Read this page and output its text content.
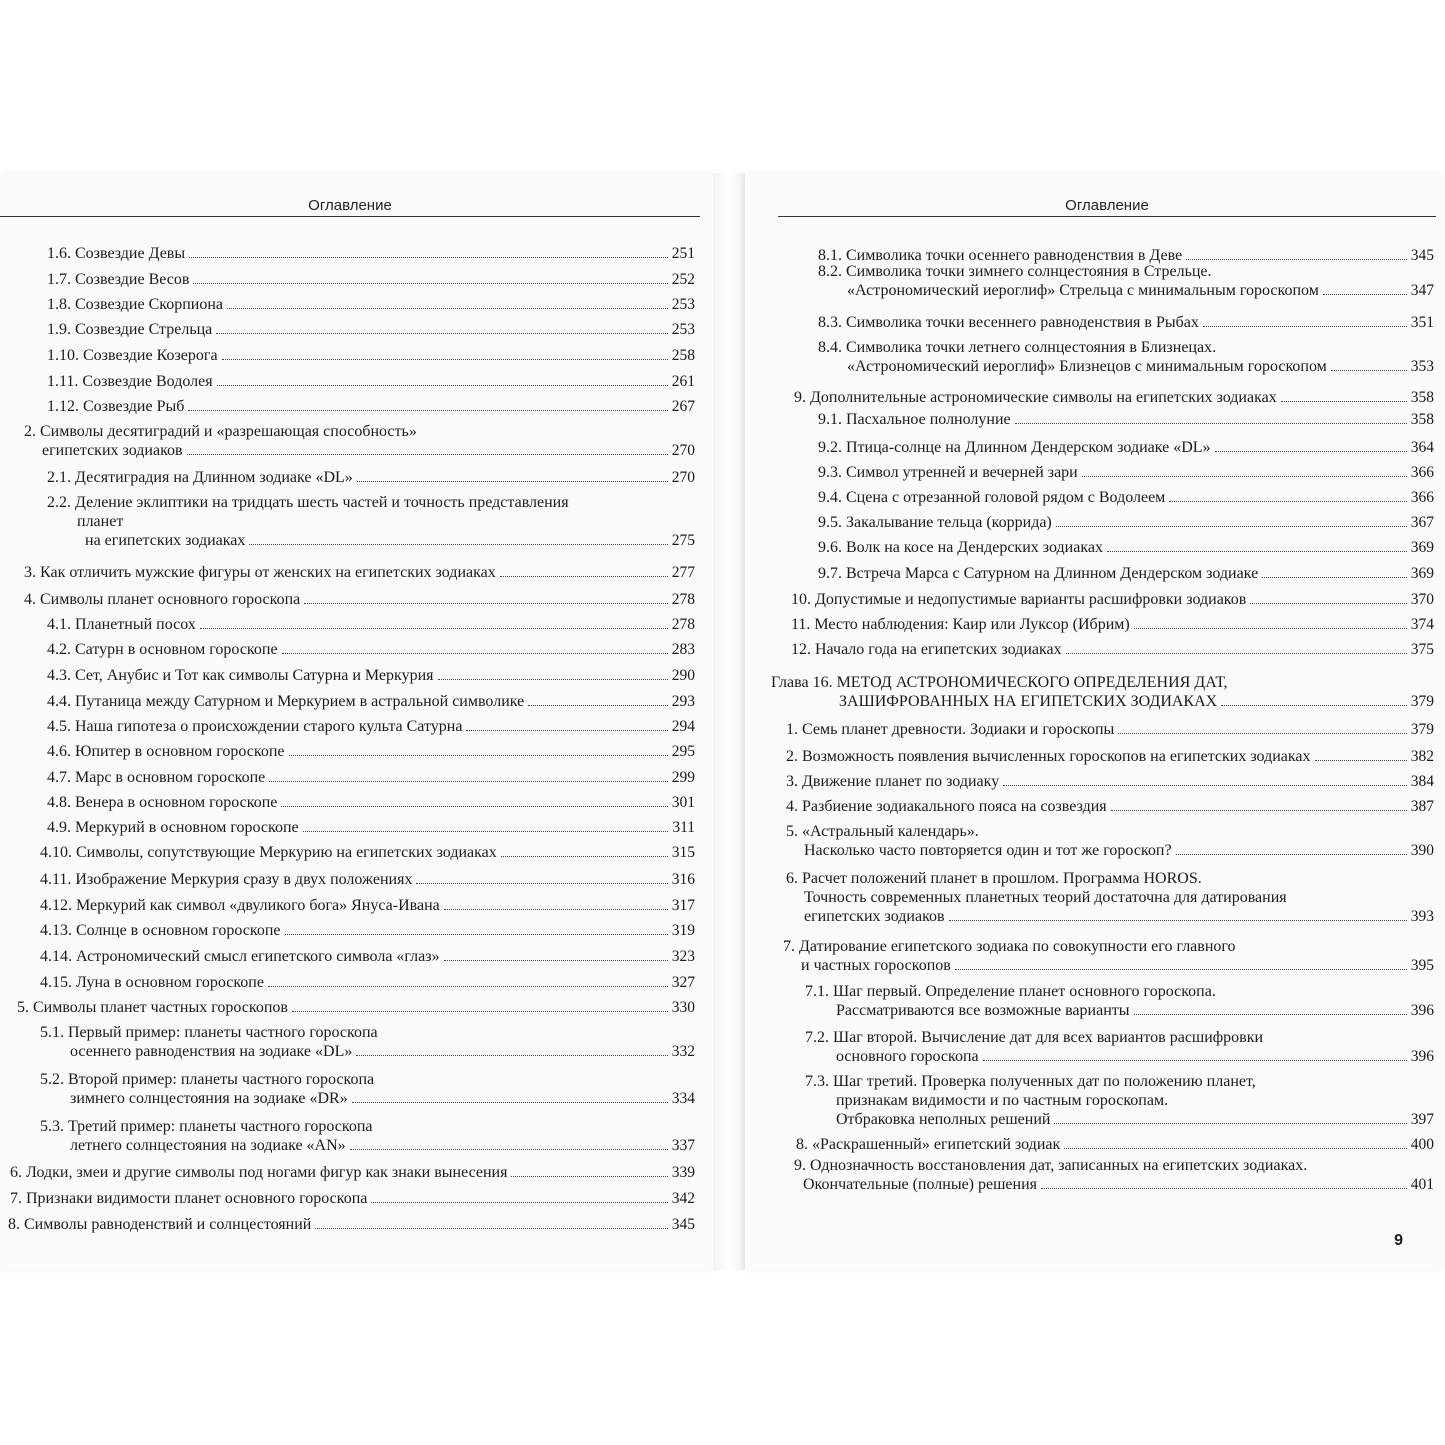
Оглавление
1.6. Созвездие Девы	251
1.7. Созвездие Весов	252
1.8. Созвездие Скорпиона	253
1.9. Созвездие Стрельца	253
1.10. Созвездие Козерога	258
1.11. Созвездие Водолея	261
1.12. Созвездие Рыб	267
2. Символы десятиградий и «разрешающая способность»
египетских зодиаков	270
2.1. Десятиградия на Длинном зодиаке «DL»	270
2.2. Деление эклиптики на тридцать шесть частей и точность представления
планет
на египетских зодиаках	275
3. Как отличить мужские фигуры от женских на египетских зодиаках	277
4. Символы планет основного гороскопа	278
4.1. Планетный посох	278
4.2. Сатурн в основном гороскопе	283
4.3. Сет, Анубис и Тот как символы Сатурна и Меркурия	290
4.4. Путаница между Сатурном и Меркурием в астральной символике	293
4.5. Наша гипотеза о происхождении старого культа Сатурна	294
4.6. Юпитер в основном гороскопе	295
4.7. Марс в основном гороскопе	299
4.8. Венера в основном гороскопе	301
4.9. Меркурий в основном гороскопе	311
4.10. Символы, сопутствующие Меркурию на египетских зодиаках	315
4.11. Изображение Меркурия сразу в двух положениях	316
4.12. Меркурий как символ «двуликого бога» Януса-Ивана	317
4.13. Солнце в основном гороскопе	319
4.14. Астрономический смысл египетского символа «глаз»	323
4.15. Луна в основном гороскопе	327
5. Символы планет частных гороскопов	330
5.1. Первый пример: планеты частного гороскопа
осеннего равноденствия на зодиаке «DL»	332
5.2. Второй пример: планеты частного гороскопа
зимнего солнцестояния на зодиаке «DR»	334
5.3. Третий пример: планеты частного гороскопа
летнего солнцестояния на зодиаке «AN»	337
6. Лодки, змеи и другие символы под ногами фигур как знаки вынесения	339
7. Признаки видимости планет основного гороскопа	342
8. Символы равноденствий и солнцестояний	345
Оглавление
9
8.1. Символика точки осеннего равноденствия в Деве	345
8.2. Символика точки зимнего солнцестояния в Стрельце.
«Астрономический иероглиф» Стрельца с минимальным гороскопом	347
8.3. Символика точки весеннего равноденствия в Рыбах	351
8.4. Символика точки летнего солнцестояния в Близнецах.
«Астрономический иероглиф» Близнецов с минимальным гороскопом	353
9. Дополнительные астрономические символы на египетских зодиаках	358
9.1. Пасхальное полнолуние	358
9.2. Птица-солнце на Длинном Дендерском зодиаке «DL»	364
9.3. Символ утренней и вечерней зари	366
9.4. Сцена с отрезанной головой рядом с Водолеем	366
9.5. Закалывание тельца (коррида)	367
9.6. Волк на косе на Дендерских зодиаках	369
9.7. Встреча Марса с Сатурном на Длинном Дендерском зодиаке	369
10. Допустимые и недопустимые варианты расшифровки зодиаков	370
11. Место наблюдения: Каир или Луксор (Ибрим)	374
12. Начало года на египетских зодиаках	375
Глава 16. МЕТОД АСТРОНОМИЧЕСКОГО ОПРЕДЕЛЕНИЯ ДАТ,
ЗАШИФРОВАННЫХ НА ЕГИПЕТСКИХ ЗОДИАКАХ	379
1. Семь планет древности. Зодиаки и гороскопы	379
2. Возможность появления вычисленных гороскопов на египетских зодиаках	382
3. Движение планет по зодиаку	384
4. Разбиение зодиакального пояса на созвездия	387
5. «Астральный календарь».
Насколько часто повторяется один и тот же гороскоп?	390
6. Расчет положений планет в прошлом. Программа HOROS.
Точность современных планетных теорий достаточна для датирования
египетских зодиаков	393
7. Датирование египетского зодиака по совокупности его главного
и частных гороскопов	395
7.1. Шаг первый. Определение планет основного гороскопа.
Рассматриваются все возможные варианты	396
7.2. Шаг второй. Вычисление дат для всех вариантов расшифровки
основного гороскопа	396
7.3. Шаг третий. Проверка полученных дат по положению планет,
признакам видимости и по частным гороскопам.
Отбраковка неполных решений	397
8. «Раскрашенный» египетский зодиак	400
9. Однозначность восстановления дат, записанных на египетских зодиаках.
Окончательные (полные) решения	401
